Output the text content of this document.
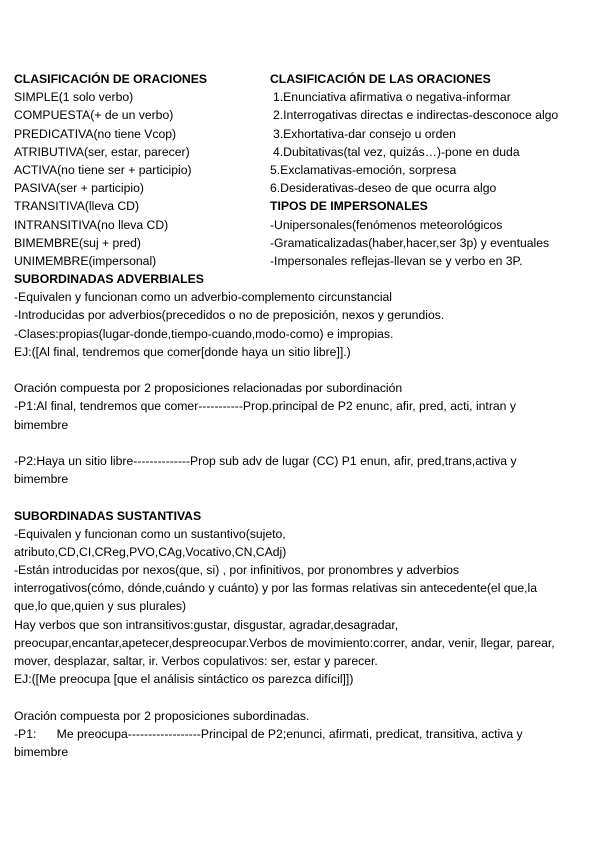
CLASIFICACIÓN DE ORACIONES
SIMPLE(1 solo verbo)
COMPUESTA(+ de un verbo)
PREDICATIVA(no tiene Vcop)
ATRIBUTIVA(ser, estar, parecer)
ACTIVA(no tiene ser + participio)
PASIVA(ser + participio)
TRANSITIVA(lleva CD)
INTRANSITIVA(no lleva CD)
BIMEMBRE(suj + pred)
UNIMEMBRE(impersonal)
CLASIFICACIÓN DE LAS ORACIONES
1.Enunciativa afirmativa o negativa-informar
2.Interrogativas directas e indirectas-desconoce algo
3.Exhortativa-dar consejo u orden
4.Dubitativas(tal vez, quizás…)-pone en duda
5.Exclamativas-emoción, sorpresa
6.Desiderativas-deseo de que ocurra algo
TIPOS DE IMPERSONALES
-Unipersonales(fenómenos meteorológicos
-Gramaticalizadas(haber,hacer,ser 3p) y eventuales
-Impersonales reflejas-llevan se y verbo en 3P.
SUBORDINADAS ADVERBIALES
-Equivalen y funcionan como un adverbio-complemento circunstancial
-Introducidas por adverbios(precedidos o no de preposición, nexos y gerundios.
-Clases:propias(lugar-donde,tiempo-cuando,modo-como) e impropias.
EJ:([Al final, tendremos que comer[donde haya un sitio libre]].)
Oración compuesta por 2 proposiciones relacionadas por subordinación
-P1:Al final, tendremos que comer-----------Prop.principal de P2 enunc, afir, pred, acti, intran y
bimembre
-P2:Haya un sitio libre--------------Prop sub adv de lugar (CC) P1 enun, afir, pred,trans,activa y
bimembre
SUBORDINADAS SUSTANTIVAS
-Equivalen y funcionan como un sustantivo(sujeto,
atributo,CD,CI,CReg,PVO,CAg,Vocativo,CN,CAdj)
-Están introducidas por nexos(que, si) , por infinitivos, por pronombres y adverbios
interrogativos(cómo, dónde,cuándo y cuánto) y por las formas relativas sin antecedente(el que,la
que,lo que,quien y sus plurales)
Hay verbos que son intransitivos:gustar, disgustar, agradar,desagradar,
preocupar,encantar,apetecer,despreocupar.Verbos de movimiento:correr, andar, venir, llegar, parear,
mover, desplazar, saltar, ir. Verbos copulativos: ser, estar y parecer.
EJ:([Me preocupa [que el análisis sintáctico os parezca difícil]])
Oración compuesta por 2 proposiciones subordinadas.
-P1:      Me preocupa------------------Principal de P2;enunci, afirmati, predicat, transitiva, activa y
bimembre
